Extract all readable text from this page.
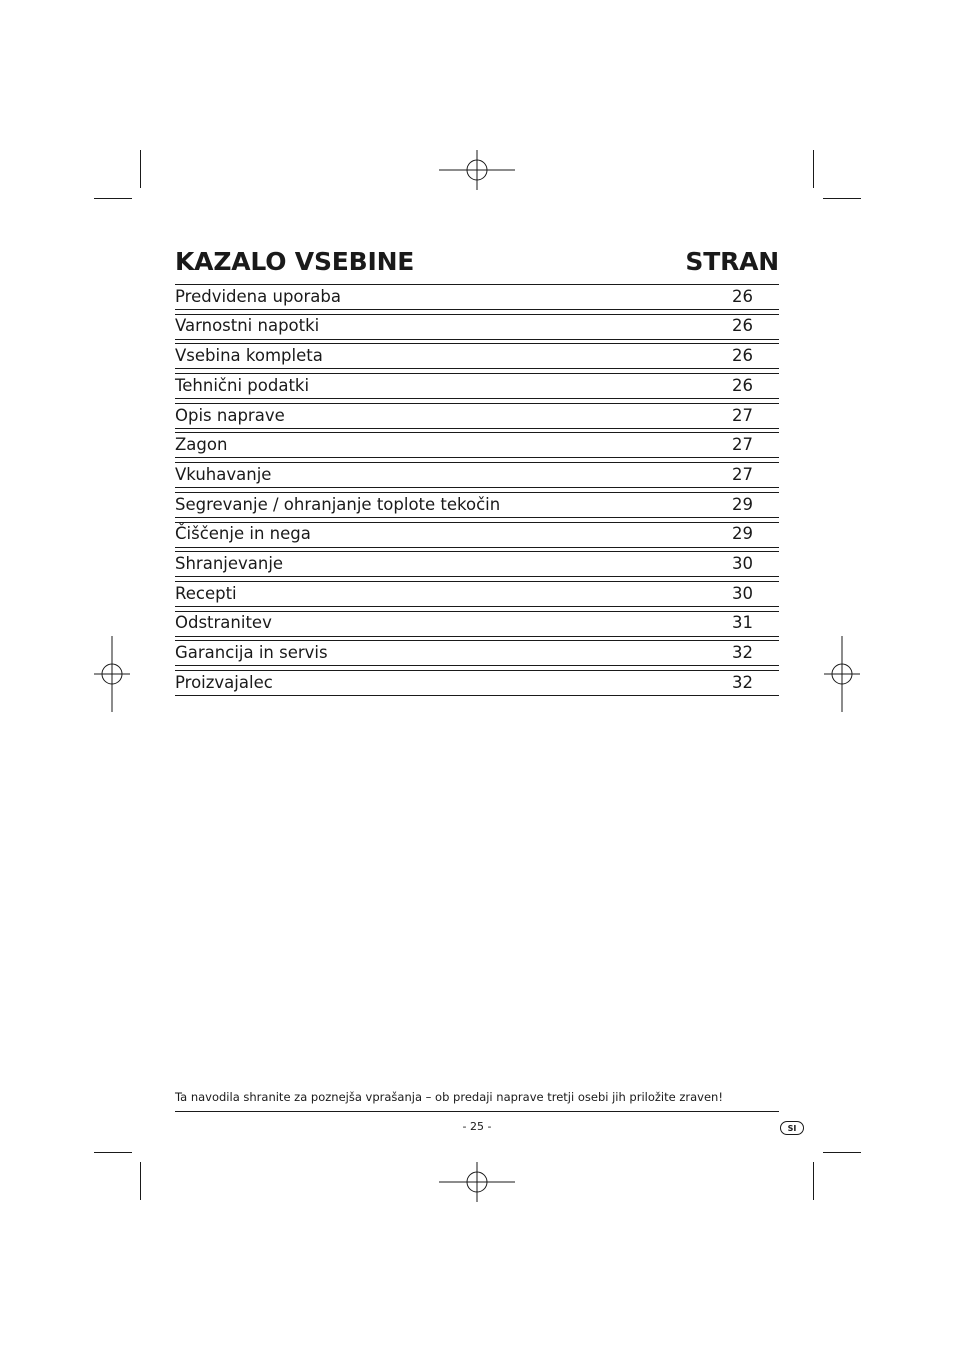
KAZALO VSEBINE	STRAN
Predvidena uporaba	26
Varnostni napotki	26
Vsebina kompleta	26
Tehnični podatki	26
Opis naprave	27
Zagon	27
Vkuhavanje	27
Segrevanje / ohranjanje toplote tekočin	29
Čiščenje in nega	29
Shranjevanje	30
Recepti	30
Odstranitev	31
Garancija in servis	32
Proizvajalec	32
Ta navodila shranite za poznejša vprašanja – ob predaji naprave tretji osebi jih priložite zraven!
- 25 -	SI
